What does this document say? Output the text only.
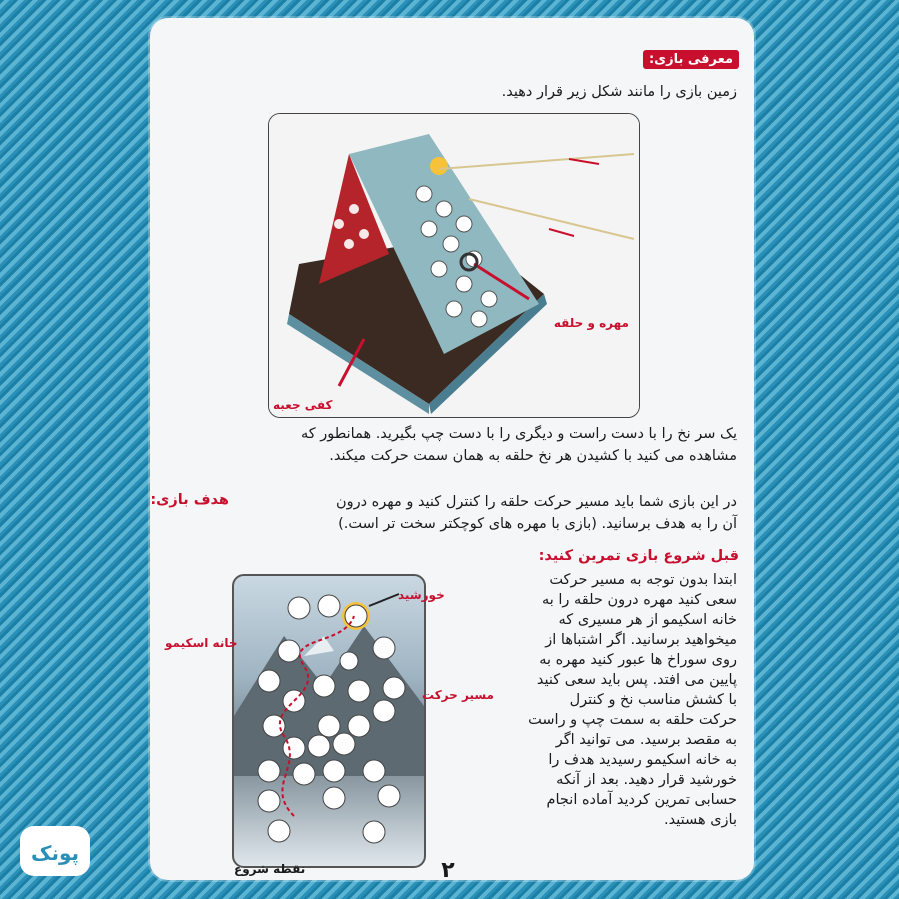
معرفی بازی:
زمین بازی را مانند شکل زیر قرار دهید.
مهره و حلقه
کفی جعبه
یک سر نخ را با دست راست و دیگری را با دست چپ بگیرید. همانطور که
مشاهده می کنید با کشیدن هر نخ حلقه به همان سمت حرکت میکند.
هدف بازی:	در این بازی شما باید مسیر حرکت حلقه را کنترل کنید و مهره درون
آن را به هدف برسانید. (بازی با مهره های کوچکتر سخت تر است.)
قبل شروع بازی تمرین کنید:
ابتدا بدون توجه به مسیر حرکت
سعی کنید مهره درون حلقه را به
خانه اسکیمو از هر مسیری که
میخواهید برسانید. اگر اشتباها از
روی سوراخ ها عبور کنید مهره به
پایین می افتد. پس باید سعی کنید
با کشش مناسب نخ و کنترل
حرکت حلقه به سمت چپ و راست
به مقصد برسید. می توانید اگر
به خانه اسکیمو رسیدید هدف را
خورشید قرار دهید. بعد از آنکه
حسابی تمرین کردید آماده انجام
بازی هستید.
خورشید
خانه اسکیمو
مسیر حرکت
نقطه شروع	۲
پونک
